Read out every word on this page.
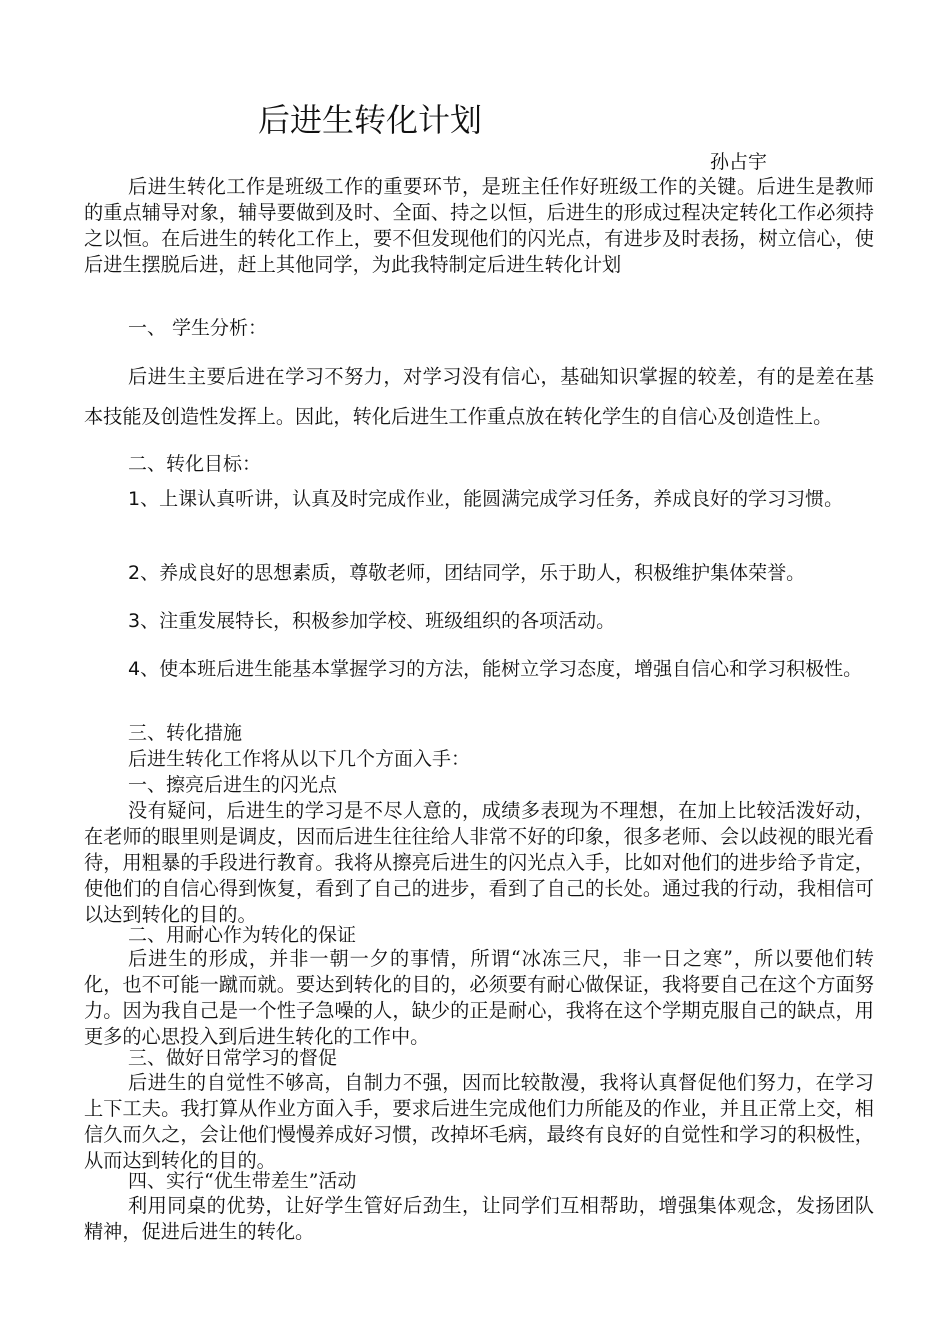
后进生转化计划
孙占宇
后进生转化工作是班级工作的重要环节，是班主任作好班级工作的关键。后进生是教师的重点辅导对象，辅导要做到及时、全面、持之以恒，后进生的形成过程决定转化工作必须持之以恒。在后进生的转化工作上，要不但发现他们的闪光点，有进步及时表扬，树立信心，使后进生摆脱后进，赶上其他同学，为此我特制定后进生转化计划
一、 学生分析：
后进生主要后进在学习不努力，对学习没有信心，基础知识掌握的较差，有的是差在基本技能及创造性发挥上。因此，转化后进生工作重点放在转化学生的自信心及创造性上。
二、转化目标：
1、上课认真听讲，认真及时完成作业，能圆满完成学习任务，养成良好的学习习惯。
2、养成良好的思想素质，尊敬老师，团结同学，乐于助人，积极维护集体荣誉。
3、注重发展特长，积极参加学校、班级组织的各项活动。
4、使本班后进生能基本掌握学习的方法，能树立学习态度，增强自信心和学习积极性。
三、转化措施
后进生转化工作将从以下几个方面入手：
一、擦亮后进生的闪光点
没有疑问，后进生的学习是不尽人意的，成绩多表现为不理想，在加上比较活泼好动，在老师的眼里则是调皮，因而后进生往往给人非常不好的印象，很多老师、会以歧视的眼光看待，用粗暴的手段进行教育。我将从擦亮后进生的闪光点入手，比如对他们的进步给予肯定，使他们的自信心得到恢复，看到了自己的进步，看到了自己的长处。通过我的行动，我相信可以达到转化的目的。
二、用耐心作为转化的保证
后进生的形成，并非一朝一夕的事情，所谓“冰冻三尺，非一日之寒”，所以要他们转化，也不可能一蹴而就。要达到转化的目的，必须要有耐心做保证，我将要自己在这个方面努力。因为我自己是一个性子急噪的人，缺少的正是耐心，我将在这个学期克服自己的缺点，用更多的心思投入到后进生转化的工作中。
三、做好日常学习的督促
后进生的自觉性不够高，自制力不强，因而比较散漫，我将认真督促他们努力，在学习上下工夫。我打算从作业方面入手，要求后进生完成他们力所能及的作业，并且正常上交，相信久而久之，会让他们慢慢养成好习惯，改掉坏毛病，最终有良好的自觉性和学习的积极性，从而达到转化的目的。
四、实行“优生带差生”活动
利用同桌的优势，让好学生管好后劲生，让同学们互相帮助，增强集体观念，发扬团队精神，促进后进生的转化。
